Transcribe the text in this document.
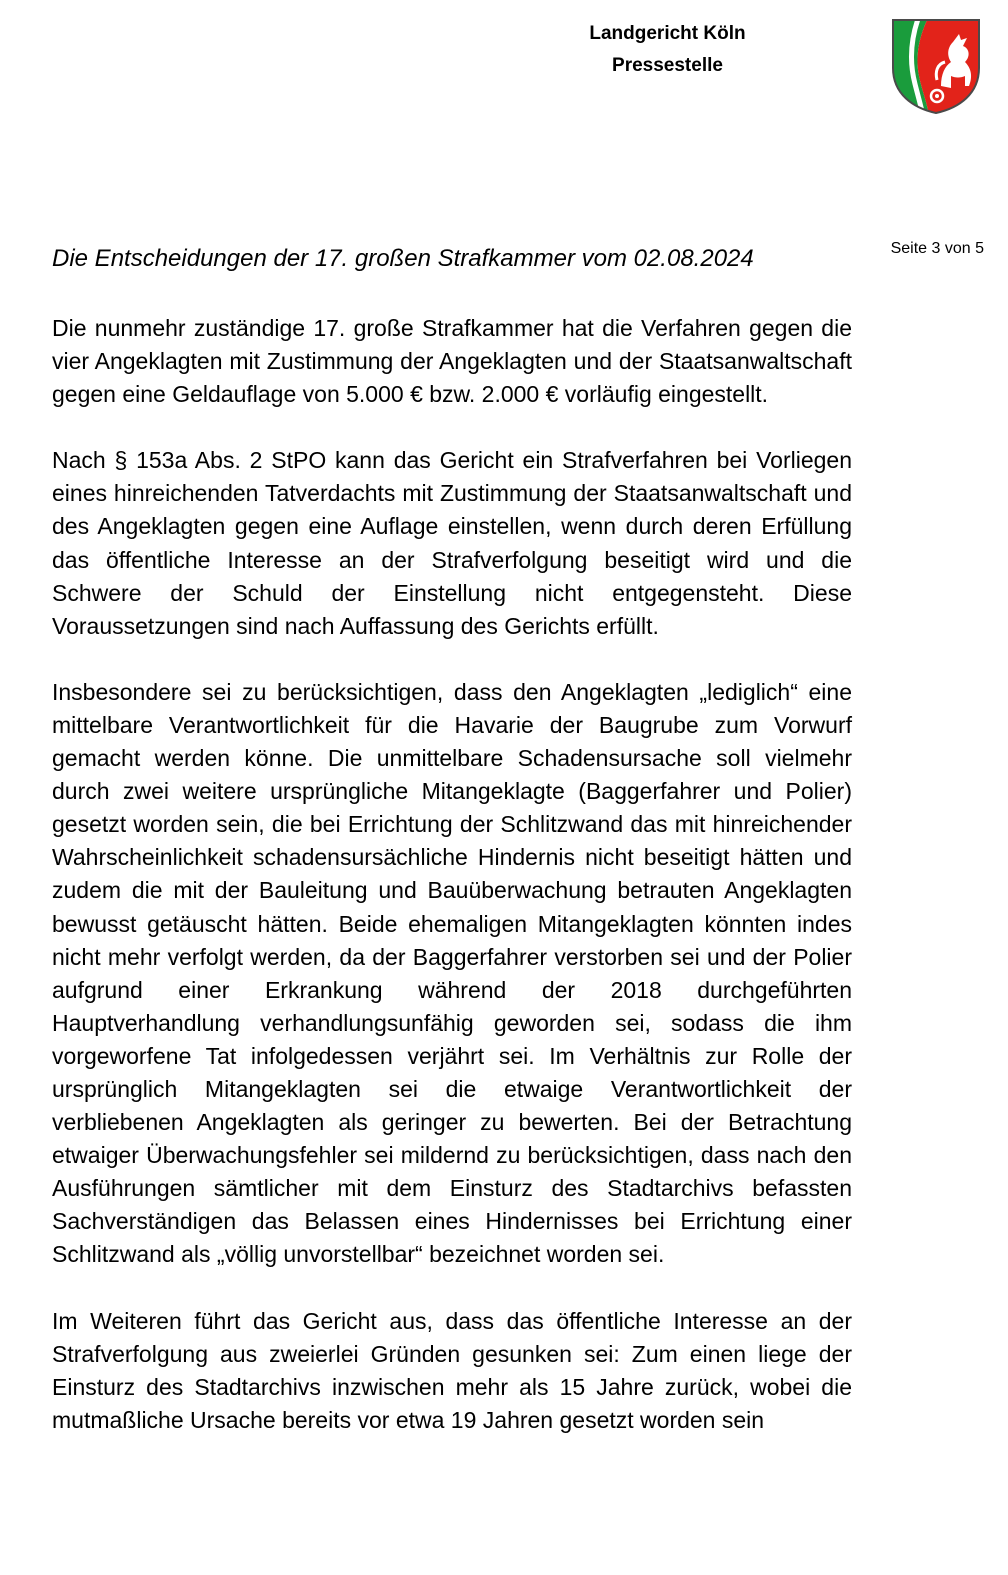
Landgericht Köln
Pressestelle
Seite 3 von 5
Die Entscheidungen der 17. großen Strafkammer vom 02.08.2024

Die nunmehr zuständige 17. große Strafkammer hat die Verfahren gegen die vier Angeklagten mit Zustimmung der Angeklagten und der Staatsanwaltschaft gegen eine Geldauflage von 5.000 € bzw. 2.000 € vorläufig eingestellt.

Nach § 153a Abs. 2 StPO kann das Gericht ein Strafverfahren bei Vorliegen eines hinreichenden Tatverdachts mit Zustimmung der Staatsanwaltschaft und des Angeklagten gegen eine Auflage einstellen, wenn durch deren Erfüllung das öffentliche Interesse an der Strafverfolgung beseitigt wird und die Schwere der Schuld der Einstellung nicht entgegensteht. Diese Voraussetzungen sind nach Auffassung des Gerichts erfüllt.

Insbesondere sei zu berücksichtigen, dass den Angeklagten „lediglich“ eine mittelbare Verantwortlichkeit für die Havarie der Baugrube zum Vorwurf gemacht werden könne. Die unmittelbare Schadensursache soll vielmehr durch zwei weitere ursprüngliche Mitangeklagte (Baggerfahrer und Polier) gesetzt worden sein, die bei Errichtung der Schlitzwand das mit hinreichender Wahrscheinlichkeit schadensursächliche Hindernis nicht beseitigt hätten und zudem die mit der Bauleitung und Bauüberwachung betrauten Angeklagten bewusst getäuscht hätten. Beide ehemaligen Mitangeklagten könnten indes nicht mehr verfolgt werden, da der Baggerfahrer verstorben sei und der Polier aufgrund einer Erkrankung während der 2018 durchgeführten Hauptverhandlung verhandlungsunfähig geworden sei, sodass die ihm vorgeworfene Tat infolgedessen verjährt sei. Im Verhältnis zur Rolle der ursprünglich Mitangeklagten sei die etwaige Verantwortlichkeit der verbliebenen Angeklagten als geringer zu bewerten. Bei der Betrachtung etwaiger Überwachungsfehler sei mildernd zu berücksichtigen, dass nach den Ausführungen sämtlicher mit dem Einsturz des Stadtarchivs befassten Sachverständigen das Belassen eines Hindernisses bei Errichtung einer Schlitzwand als „völlig unvorstellbar“ bezeichnet worden sei.

Im Weiteren führt das Gericht aus, dass das öffentliche Interesse an der Strafverfolgung aus zweierlei Gründen gesunken sei: Zum einen liege der Einsturz des Stadtarchivs inzwischen mehr als 15 Jahre zurück, wobei die mutmaßliche Ursache bereits vor etwa 19 Jahren gesetzt worden sein
